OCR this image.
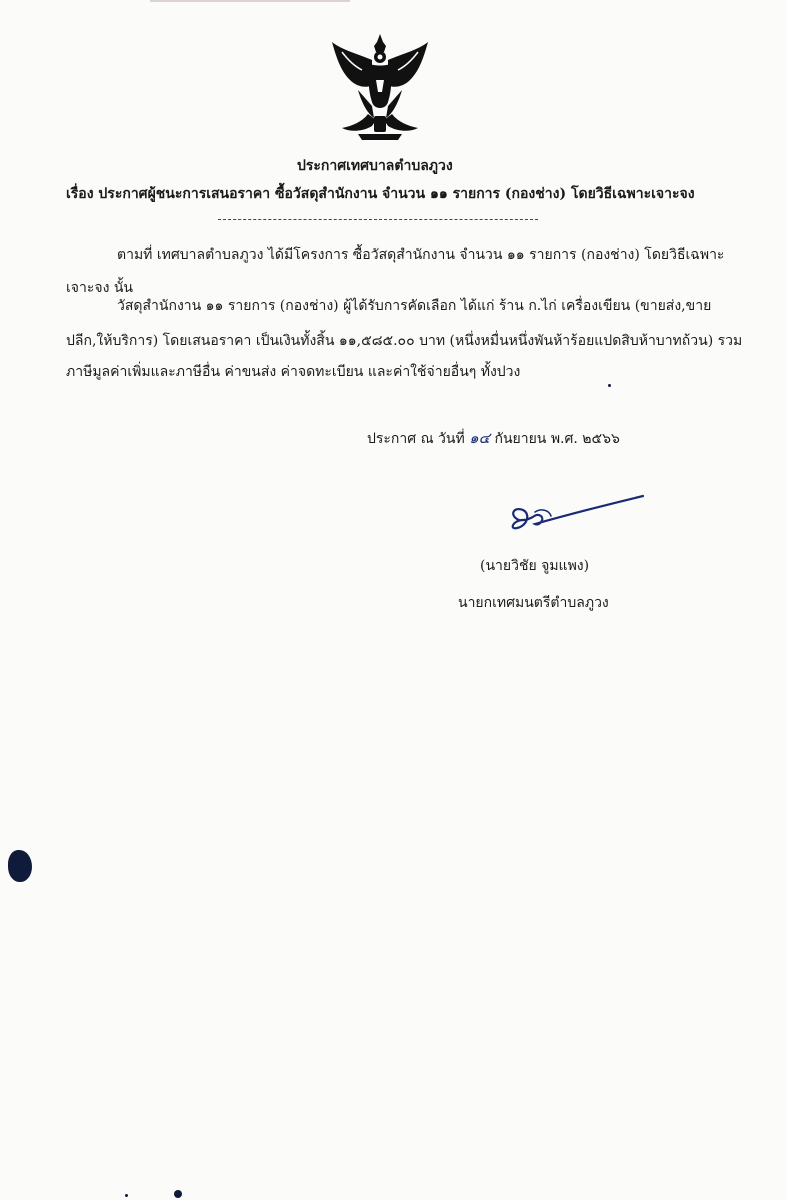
ประกาศเทศบาลตำบลภูวง
เรื่อง ประกาศผู้ชนะการเสนอราคา ซื้อวัสดุสำนักงาน จำนวน ๑๑ รายการ (กองช่าง) โดยวิธีเฉพาะเจาะจง
ตามที่ เทศบาลตำบลภูวง ได้มีโครงการ ซื้อวัสดุสำนักงาน จำนวน ๑๑ รายการ (กองช่าง) โดยวิธีเฉพาะ
เจาะจง นั้น
วัสดุสำนักงาน ๑๑ รายการ (กองช่าง) ผู้ได้รับการคัดเลือก ได้แก่ ร้าน ก.ไก่ เครื่องเขียน (ขายส่ง,ขาย
ปลีก,ให้บริการ) โดยเสนอราคา เป็นเงินทั้งสิ้น ๑๑,๕๘๕.๐๐ บาท (หนึ่งหมื่นหนึ่งพันห้าร้อยแปดสิบห้าบาทถ้วน) รวม
ภาษีมูลค่าเพิ่มและภาษีอื่น ค่าขนส่ง ค่าจดทะเบียน และค่าใช้จ่ายอื่นๆ ทั้งปวง
ประกาศ ณ วันที่ ๑๔ กันยายน พ.ศ. ๒๕๖๖
(นายวิชัย จูมแพง)
นายกเทศมนตรีตำบลภูวง
